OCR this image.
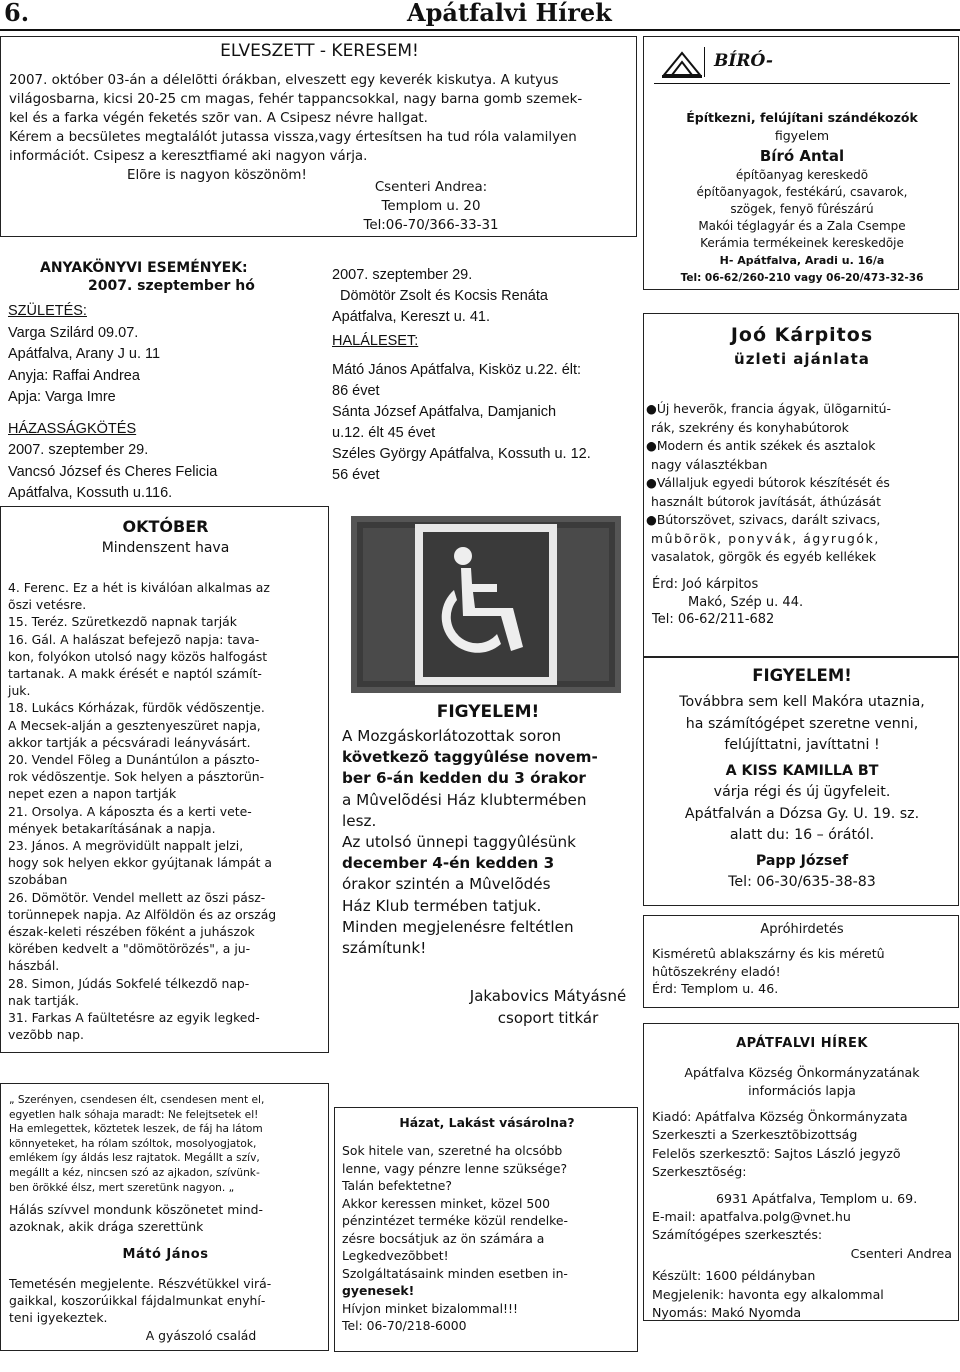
6.	Apátfalvi Hírek
ELVESZETT - KERESEM!
2007. október 03-án a délelõtti órákban, elveszett egy keverék kiskutya. A kutyus
világosbarna, kicsi 20-25 cm magas, fehér tappancsokkal, nagy barna gomb szemek-
kel és a farka végén feketés szõr van. A Csipesz névre hallgat.
Kérem a becsületes megtalálót jutassa vissza,vagy értesítsen ha tud róla valamilyen
információt. Csipesz a keresztfiamé aki nagyon várja.
Elõre is nagyon köszönöm!
Csenteri Andrea:
Templom u. 20
Tel:06-70/366-33-31
ANYAKÖNYVI ESEMÉNYEK:
2007. szeptember hó
SZÜLETÉS:
Varga Szilárd 09.07.
Apátfalva, Arany J u. 11
Anyja: Raffai Andrea
Apja: Varga Imre
HÁZASSÁGKÖTÉS
2007. szeptember 29.
Vancsó József és Cheres Felicia
Apátfalva, Kossuth u.116.
2007. szeptember 29.
Dömötör Zsolt és Kocsis Renáta
Apátfalva, Kereszt u. 41.
HALÁLESET:
Mátó János Apátfalva, Kisköz u.22. élt:
86 évet
Sánta József Apátfalva, Damjanich
u.12. élt 45 évet
Széles György Apátfalva, Kossuth u. 12.
56 évet
OKTÓBER
Mindenszent hava
4. Ferenc. Ez a hét is kiválóan alkalmas az
õszi vetésre.
15. Teréz. Szüretkezdõ napnak tarják
16. Gál. A halászat befejezõ napja: tava-
kon, folyókon utolsó nagy közös halfogást
tartanak. A makk érését e naptól számít-
juk.
18. Lukács Kórházak, fürdõk védõszentje.
A Mecsek-alján a gesztenyeszüret napja,
akkor tartják a pécsváradi leányvásárt.
20. Vendel Fõleg a Dunántúlon a pászto-
rok védõszentje. Sok helyen a pásztorün-
nepet ezen a napon tartják
21. Orsolya. A káposzta és a kerti vete-
mények betakarításának a napja.
23. János. A megrövidült nappalt jelzi,
hogy sok helyen ekkor gyújtanak lámpát a
szobában
26. Dömötör. Vendel mellett az õszi pász-
torünnepek napja. Az Alföldön és az ország
észak-keleti részében fõként a juhászok
körében kedvelt a "dömötörözés", a ju-
hászbál.
28. Simon, Júdás Sokfelé télkezdõ nap-
nak tartják.
31. Farkas A faültetésre az egyik legked-
vezõbb nap.
„ Szerényen, csendesen élt, csendesen ment el,
egyetlen halk sóhaja maradt: Ne felejtsetek el!
Ha emlegettek, köztetek leszek, de fáj ha látom
könnyeteket, ha rólam szóltok, mosolyogjatok,
emlékem így áldás lesz rajtatok. Megállt a szív,
megállt a kéz, nincsen szó az ajkadon, szívünk-
ben örökké élsz, mert szeretünk nagyon. „
Hálás szívvel mondunk köszönetet mind-
azoknak, akik drága szerettünk
Mátó János
Temetésén megjelente. Részvétükkel virá-
gaikkal, koszorúikkal fájdalmunkat enyhí-
teni igyekeztek.
A gyászoló család
FIGYELEM!
A Mozgáskorlátozottak soron
következõ taggyûlése novem-
ber 6-án kedden du 3 órakor
a Mûvelõdési Ház klubtermében
lesz.
Az utolsó ünnepi taggyûlésünk
december 4-én kedden 3
órakor szintén a Mûvelõdés
Ház Klub termében tatjuk.
Minden megjelenésre feltétlen
számítunk!
Jakabovics Mátyásné
csoport titkár
Házat, Lakást vásárolna?
Sok hitele van, szeretné ha olcsóbb
lenne, vagy pénzre lenne szüksége?
Talán befektetne?
Akkor keressen minket, közel 500
pénzintézet terméke közül rendelke-
zésre bocsátjuk az ön számára a
Legkedvezõbbet!
Szolgáltatásaink minden esetben in-
gyenesek!
Hívjon minket bizalommal!!!
Tel: 06-70/218-6000
BÍRÓ-
Építkezni, felújítani szándékozók
figyelem
Bíró Antal
építõanyag kereskedõ
építõanyagok, festékárú, csavarok,
szögek, fenyõ fûrészárú
Makói téglagyár és a Zala Csempe
Kerámia termékeinek kereskedõje
H- Apátfalva, Aradi u. 16/a
Tel: 06-62/260-210 vagy 06-20/473-32-36
Joó Kárpitos
üzleti ajánlata
●Új heverõk, francia ágyak, ülõgarnitú-
rák, szekrény és konyhabútorok
●Modern és antik székek és asztalok
nagy választékban
●Vállaljuk egyedi bútorok készítését és
használt bútorok javítását, áthúzását
●Bútorszövet, szivacs, darált szivacs,
mûbõrök, ponyvák, ágyrugók,
vasalatok, görgõk és egyéb kellékek
Érd: Joó kárpitos
Makó, Szép u. 44.
Tel: 06-62/211-682
FIGYELEM!
Továbbra sem kell Makóra utaznia,
ha számítógépet szeretne venni,
felújíttatni, javíttatni !
A KISS KAMILLA BT
várja régi és új ügyfeleit.
Apátfalván a Dózsa Gy. U. 19. sz.
alatt du: 16 – órától.
Papp József
Tel: 06-30/635-38-83
Apróhirdetés
Kisméretû ablakszárny és kis méretû
hûtõszekrény eladó!
Érd: Templom u. 46.
APÁTFALVI HÍREK
Apátfalva Község Önkormányzatának
információs lapja
Kiadó: Apátfalva Község Önkormányzata
Szerkeszti a Szerkesztõbizottság
Felelõs szerkesztõ: Sajtos László jegyzõ
Szerkesztõség:
6931 Apátfalva, Templom u. 69.
E-mail: apatfalva.polg@vnet.hu
Számítógépes szerkesztés:
Csenteri Andrea
Készült: 1600 példányban
Megjelenik: havonta egy alkalommal
Nyomás: Makó Nyomda
